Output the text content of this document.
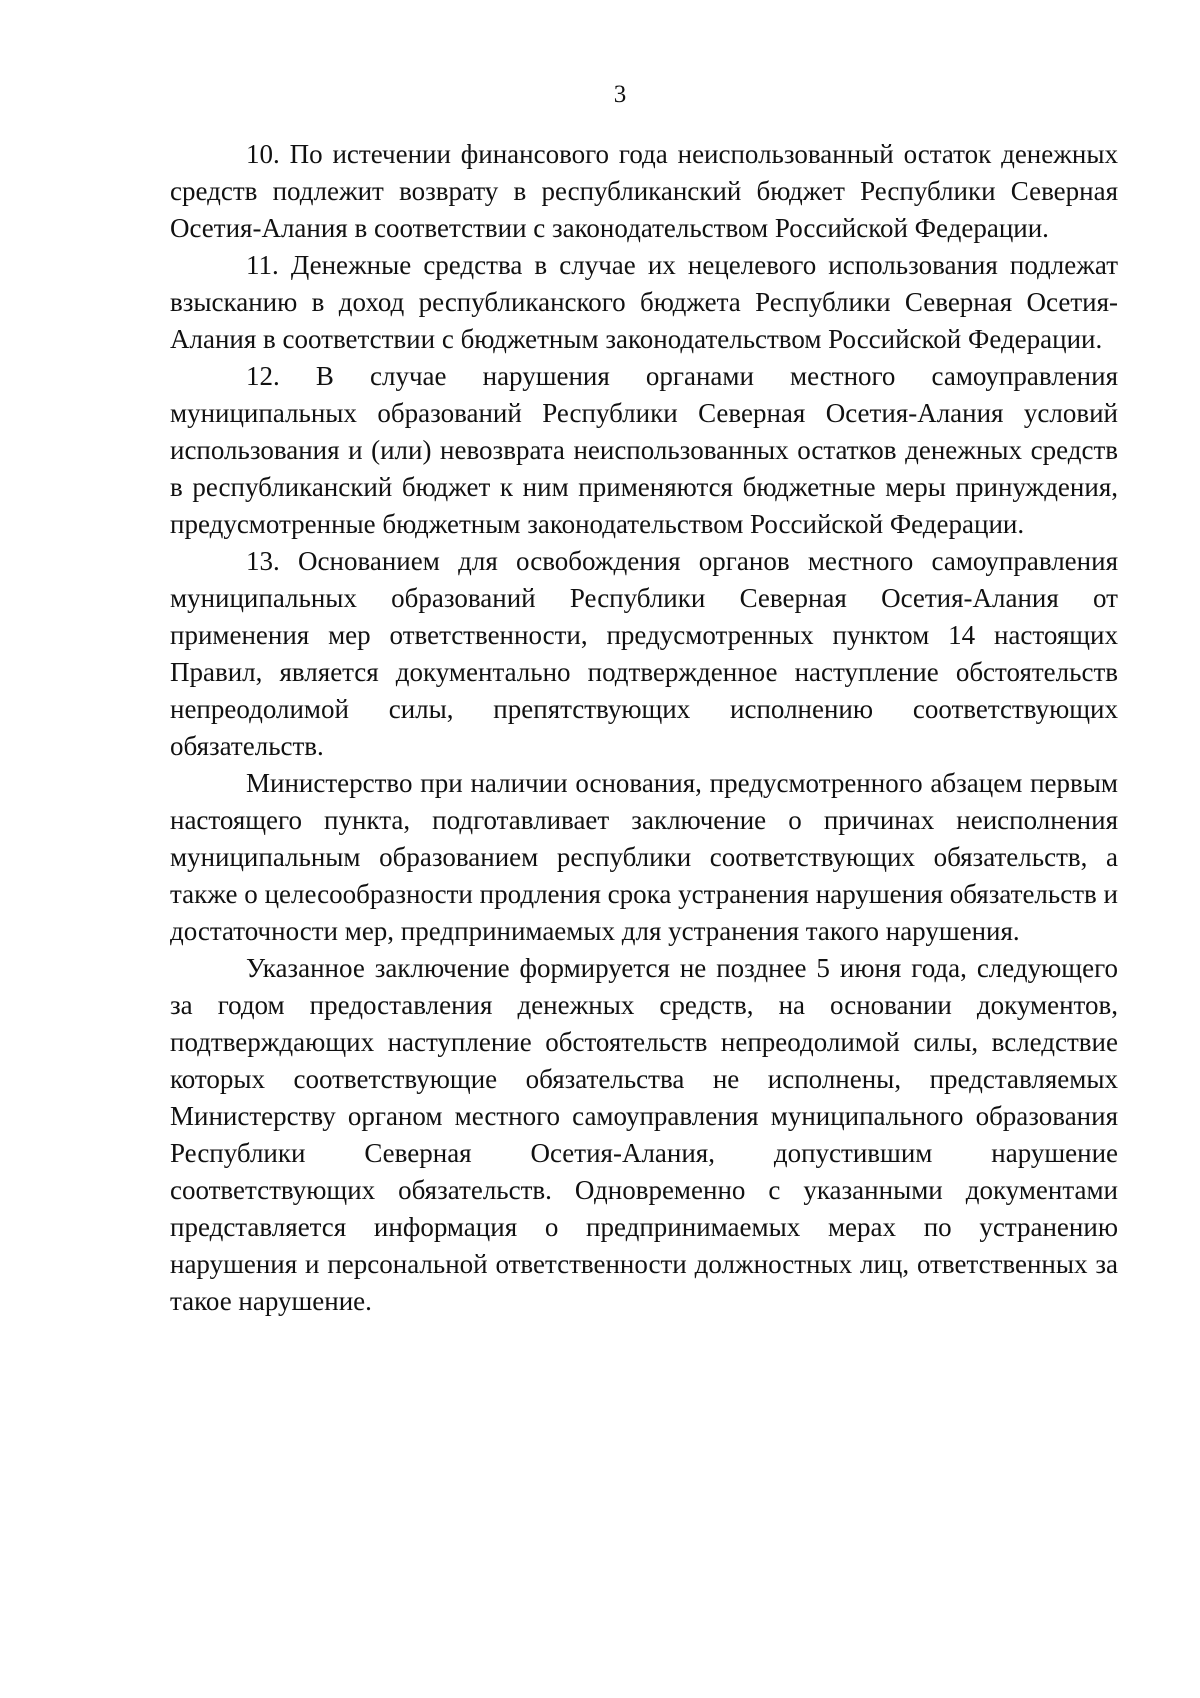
3

10. По истечении финансового года неиспользованный остаток денежных средств подлежит возврату в республиканский бюджет Республики Северная Осетия-Алания в соответствии с законодательством Российской Федерации.

11. Денежные средства в случае их нецелевого использования подлежат взысканию в доход республиканского бюджета Республики Северная Осетия-Алания в соответствии с бюджетным законодательством Российской Федерации.

12. В случае нарушения органами местного самоуправления муниципальных образований Республики Северная Осетия-Алания условий использования и (или) невозврата неиспользованных остатков денежных средств в республиканский бюджет к ним применяются бюджетные меры принуждения, предусмотренные бюджетным законодательством Российской Федерации.

13. Основанием для освобождения органов местного самоуправления муниципальных образований Республики Северная Осетия-Алания от применения мер ответственности, предусмотренных пунктом 14 настоящих Правил, является документально подтвержденное наступление обстоятельств непреодолимой силы, препятствующих исполнению соответствующих обязательств.

Министерство при наличии основания, предусмотренного абзацем первым настоящего пункта, подготавливает заключение о причинах неисполнения муниципальным образованием республики соответствующих обязательств, а также о целесообразности продления срока устранения нарушения обязательств и достаточности мер, предпринимаемых для устранения такого нарушения.

Указанное заключение формируется не позднее 5 июня года, следующего за годом предоставления денежных средств, на основании документов, подтверждающих наступление обстоятельств непреодолимой силы, вследствие которых соответствующие обязательства не исполнены, представляемых Министерству органом местного самоуправления муниципального образования Республики Северная Осетия-Алания, допустившим нарушение соответствующих обязательств. Одновременно с указанными документами представляется информация о предпринимаемых мерах по устранению нарушения и персональной ответственности должностных лиц, ответственных за такое нарушение.
